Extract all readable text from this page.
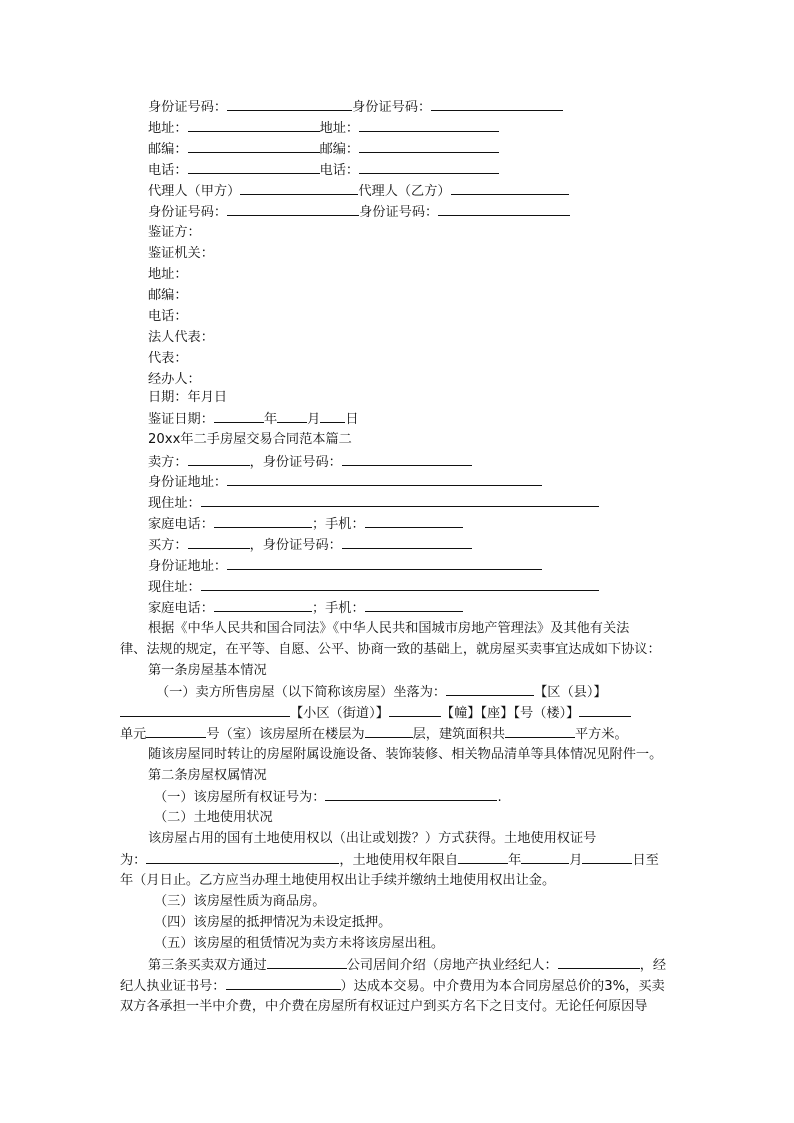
身份证号码：	身份证号码：
地址：	地址：
邮编：	邮编：
电话：	电话：
代理人（甲方）	代理人（乙方）
身份证号码：	身份证号码：
鉴证方：
鉴证机关：
地址：
邮编：
电话：
法人代表：
代表：
经办人：
日期：年月日
鉴证日期：	年 月 日
20xx年二手房屋交易合同范本篇二
卖方：	，身份证号码：
身份证地址：
现住址：
家庭电话：	；手机：
买方：	，身份证号码：
身份证地址：
现住址：
家庭电话：	；手机：
根据《中华人民共和国合同法》《中华人民共和国城市房地产管理法》及其他有关法
律、法规的规定，在平等、自愿、公平、协商一致的基础上，就房屋买卖事宜达成如下协议：
第一条房屋基本情况
（一）卖方所售房屋（以下简称该房屋）坐落为：	【区（县）】
【小区（街道）】	【幢】【座】【号（楼）】
单元	号（室）该房屋所在楼层为	层，建筑面积共	平方米。
随该房屋同时转让的房屋附属设施设备、装饰装修、相关物品清单等具体情况见附件一。
第二条房屋权属情况
（一）该房屋所有权证号为：	.
（二）土地使用状况
该房屋占用的国有土地使用权以（出让或划拨？）方式获得。土地使用权证号
为：	，土地使用权年限自	年	月	日至
年（月日止。乙方应当办理土地使用权出让手续并缴纳土地使用权出让金。
（三）该房屋性质为商品房。
（四）该房屋的抵押情况为未设定抵押。
（五）该房屋的租赁情况为卖方未将该房屋出租。
第三条买卖双方通过	公司居间介绍（房地产执业经纪人：	，经
纪人执业证书号：	）达成本交易。中介费用为本合同房屋总价的3%，买卖
双方各承担一半中介费，中介费在房屋所有权证过户到买方名下之日支付。无论任何原因导
